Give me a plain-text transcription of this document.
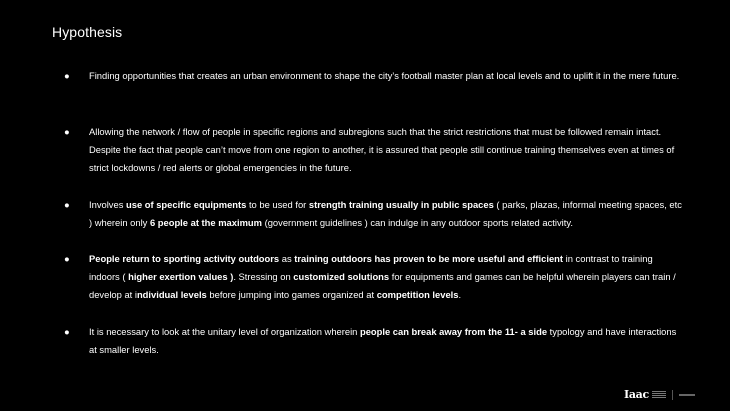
Hypothesis
● Finding opportunities that creates an urban environment to shape the city’s football master plan at local levels and to uplift it in the mere future.
● Allowing the network / flow of people in specific regions and subregions such that the strict restrictions that must be followed remain intact. Despite the fact that people can’t move from one region to another, it is assured that people still continue training themselves even at times of strict lockdowns / red alerts or global emergencies in the future.
● Involves use of specific equipments to be used for strength training usually in public spaces ( parks, plazas, informal meeting spaces, etc ) wherein only 6 people at the maximum (government guidelines ) can indulge in any outdoor sports related activity.
● People return to sporting activity outdoors as training outdoors has proven to be more useful and efficient in contrast to training indoors ( higher exertion values ). Stressing on customized solutions for equipments and games can be helpful wherein players can train / develop at individual levels before jumping into games organized at competition levels.
● It is necessary to look at the unitary level of organization wherein people can break away from the 11- a side typology and have interactions at smaller levels.
Iaac
